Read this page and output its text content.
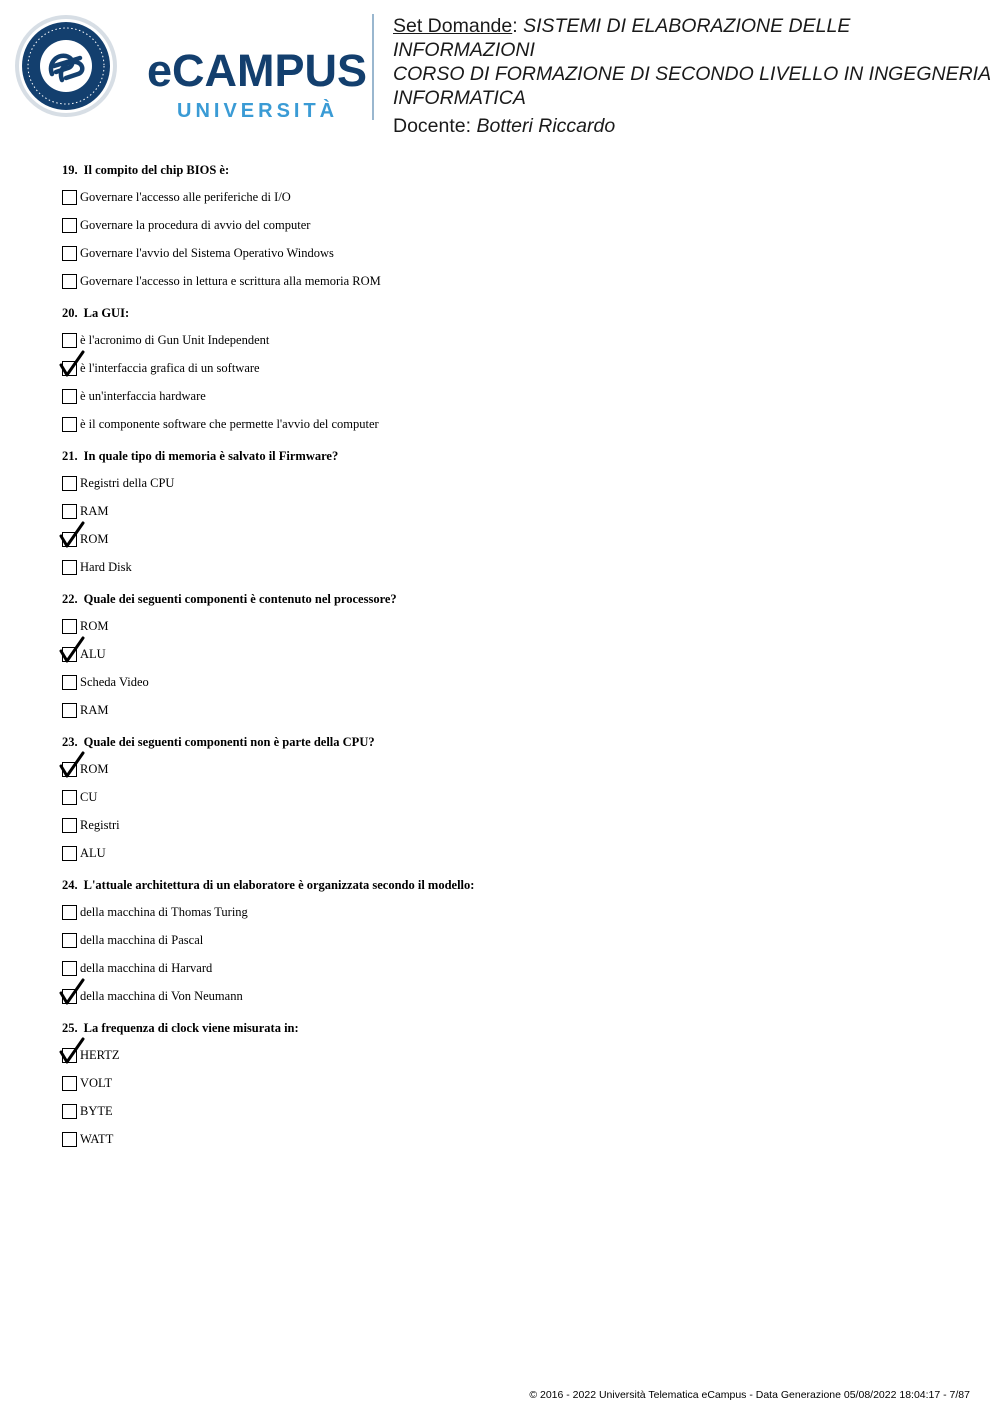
eCAMPUS
UNIVERSITÀ

Set Domande: SISTEMI DI ELABORAZIONE DELLE INFORMAZIONI

CORSO DI FORMAZIONE DI SECONDO LIVELLO IN INGEGNERIA

INFORMATICA

Docente: Botteri Riccardo

19. Il compito del chip BIOS è:
Governare l'accesso alle periferiche di I/O
Governare la procedura di avvio del computer
Governare l'avvio del Sistema Operativo Windows
Governare l'accesso in lettura e scrittura alla memoria ROM
20. La GUI:
è l'acronimo di Gun Unit Independent
è l'interfaccia grafica di un software
è un'interfaccia hardware
è il componente software che permette l'avvio del computer
21. In quale tipo di memoria è salvato il Firmware?
Registri della CPU
RAM
ROM
Hard Disk
22. Quale dei seguenti componenti è contenuto nel processore?
ROM
ALU
Scheda Video
RAM
23. Quale dei seguenti componenti non è parte della CPU?
ROM
CU
Registri
ALU
24. L'attuale architettura di un elaboratore è organizzata secondo il modello:
della macchina di Thomas Turing
della macchina di Pascal
della macchina di Harvard
della macchina di Von Neumann
25. La frequenza di clock viene misurata in:
HERTZ
VOLT
BYTE
WATT
© 2016 - 2022 Università Telematica eCampus - Data Generazione 05/08/2022 18:04:17 - 7/87
